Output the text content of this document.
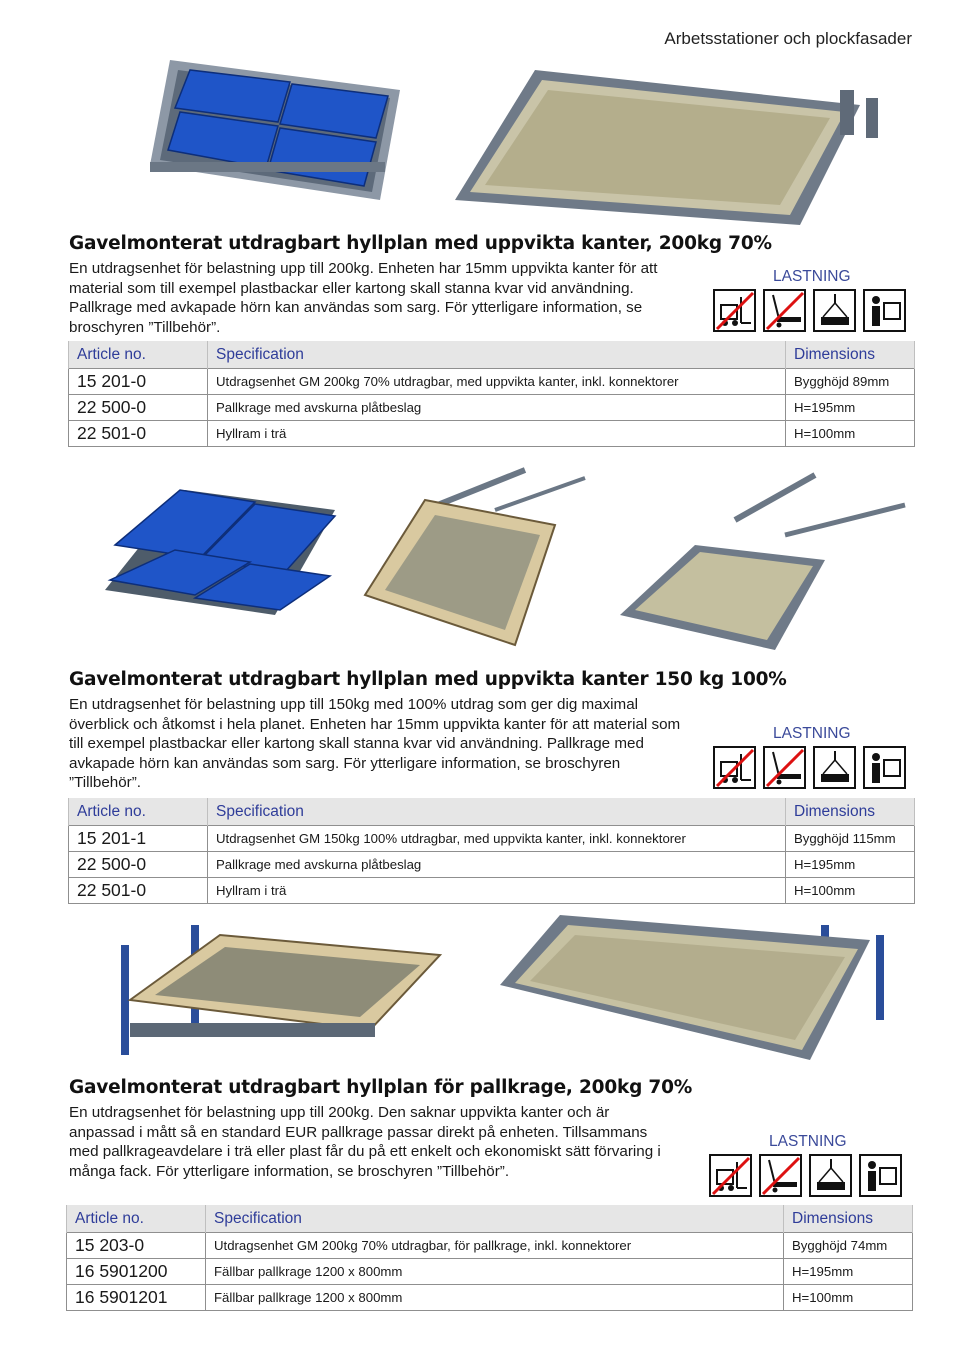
Arbetsstationer och plockfasader
Gavelmonterat utdragbart hyllplan med uppvikta kanter, 200kg 70%
En utdragsenhet för belastning upp till 200kg. Enheten har 15mm uppvikta kanter för att material som till exempel plastbackar eller kartong skall stanna kvar vid användning. Pallkrage med avkapade hörn kan användas som sarg. För ytterligare information, se broschyren ”Tillbehör”.
LASTNING
Article no.	Specification	Dimensions
15 201-0	Utdragsenhet GM 200kg 70% utdragbar, med uppvikta kanter, inkl. konnektorer	Bygghöjd 89mm
22 500-0	Pallkrage med avskurna plåtbeslag	H=195mm
22 501-0	Hyllram i trä	H=100mm
Gavelmonterat utdragbart hyllplan med uppvikta kanter 150 kg 100%
En utdragsenhet för belastning upp till 150kg med 100% utdrag som ger dig maximal överblick och åtkomst i hela planet. Enheten har 15mm uppvikta kanter för att material som till exempel plastbackar eller kartong skall stanna kvar vid användning. Pallkrage med avkapade hörn kan användas som sarg. För ytterligare information, se broschyren ”Tillbehör”.
LASTNING
Article no.	Specification	Dimensions
15 201-1	Utdragsenhet GM 150kg 100% utdragbar, med uppvikta kanter, inkl. konnektorer	Bygghöjd 115mm
22 500-0	Pallkrage med avskurna plåtbeslag	H=195mm
22 501-0	Hyllram i trä	H=100mm
Gavelmonterat utdragbart hyllplan för pallkrage, 200kg 70%
En utdragsenhet för belastning upp till 200kg. Den saknar uppvikta kanter och är anpassad i mått så en standard EUR pallkrage passar direkt på enheten. Tillsammans med pallkrageavdelare i trä eller plast får du på ett enkelt och ekonomiskt sätt förvaring i många fack. För ytterligare information, se broschyren ”Tillbehör”.
LASTNING
Article no.	Specification	Dimensions
15 203-0	Utdragsenhet GM 200kg 70% utdragbar, för pallkrage, inkl. konnektorer	Bygghöjd 74mm
16 5901200	Fällbar pallkrage 1200 x 800mm	H=195mm
16 5901201	Fällbar pallkrage 1200 x 800mm	H=100mm
